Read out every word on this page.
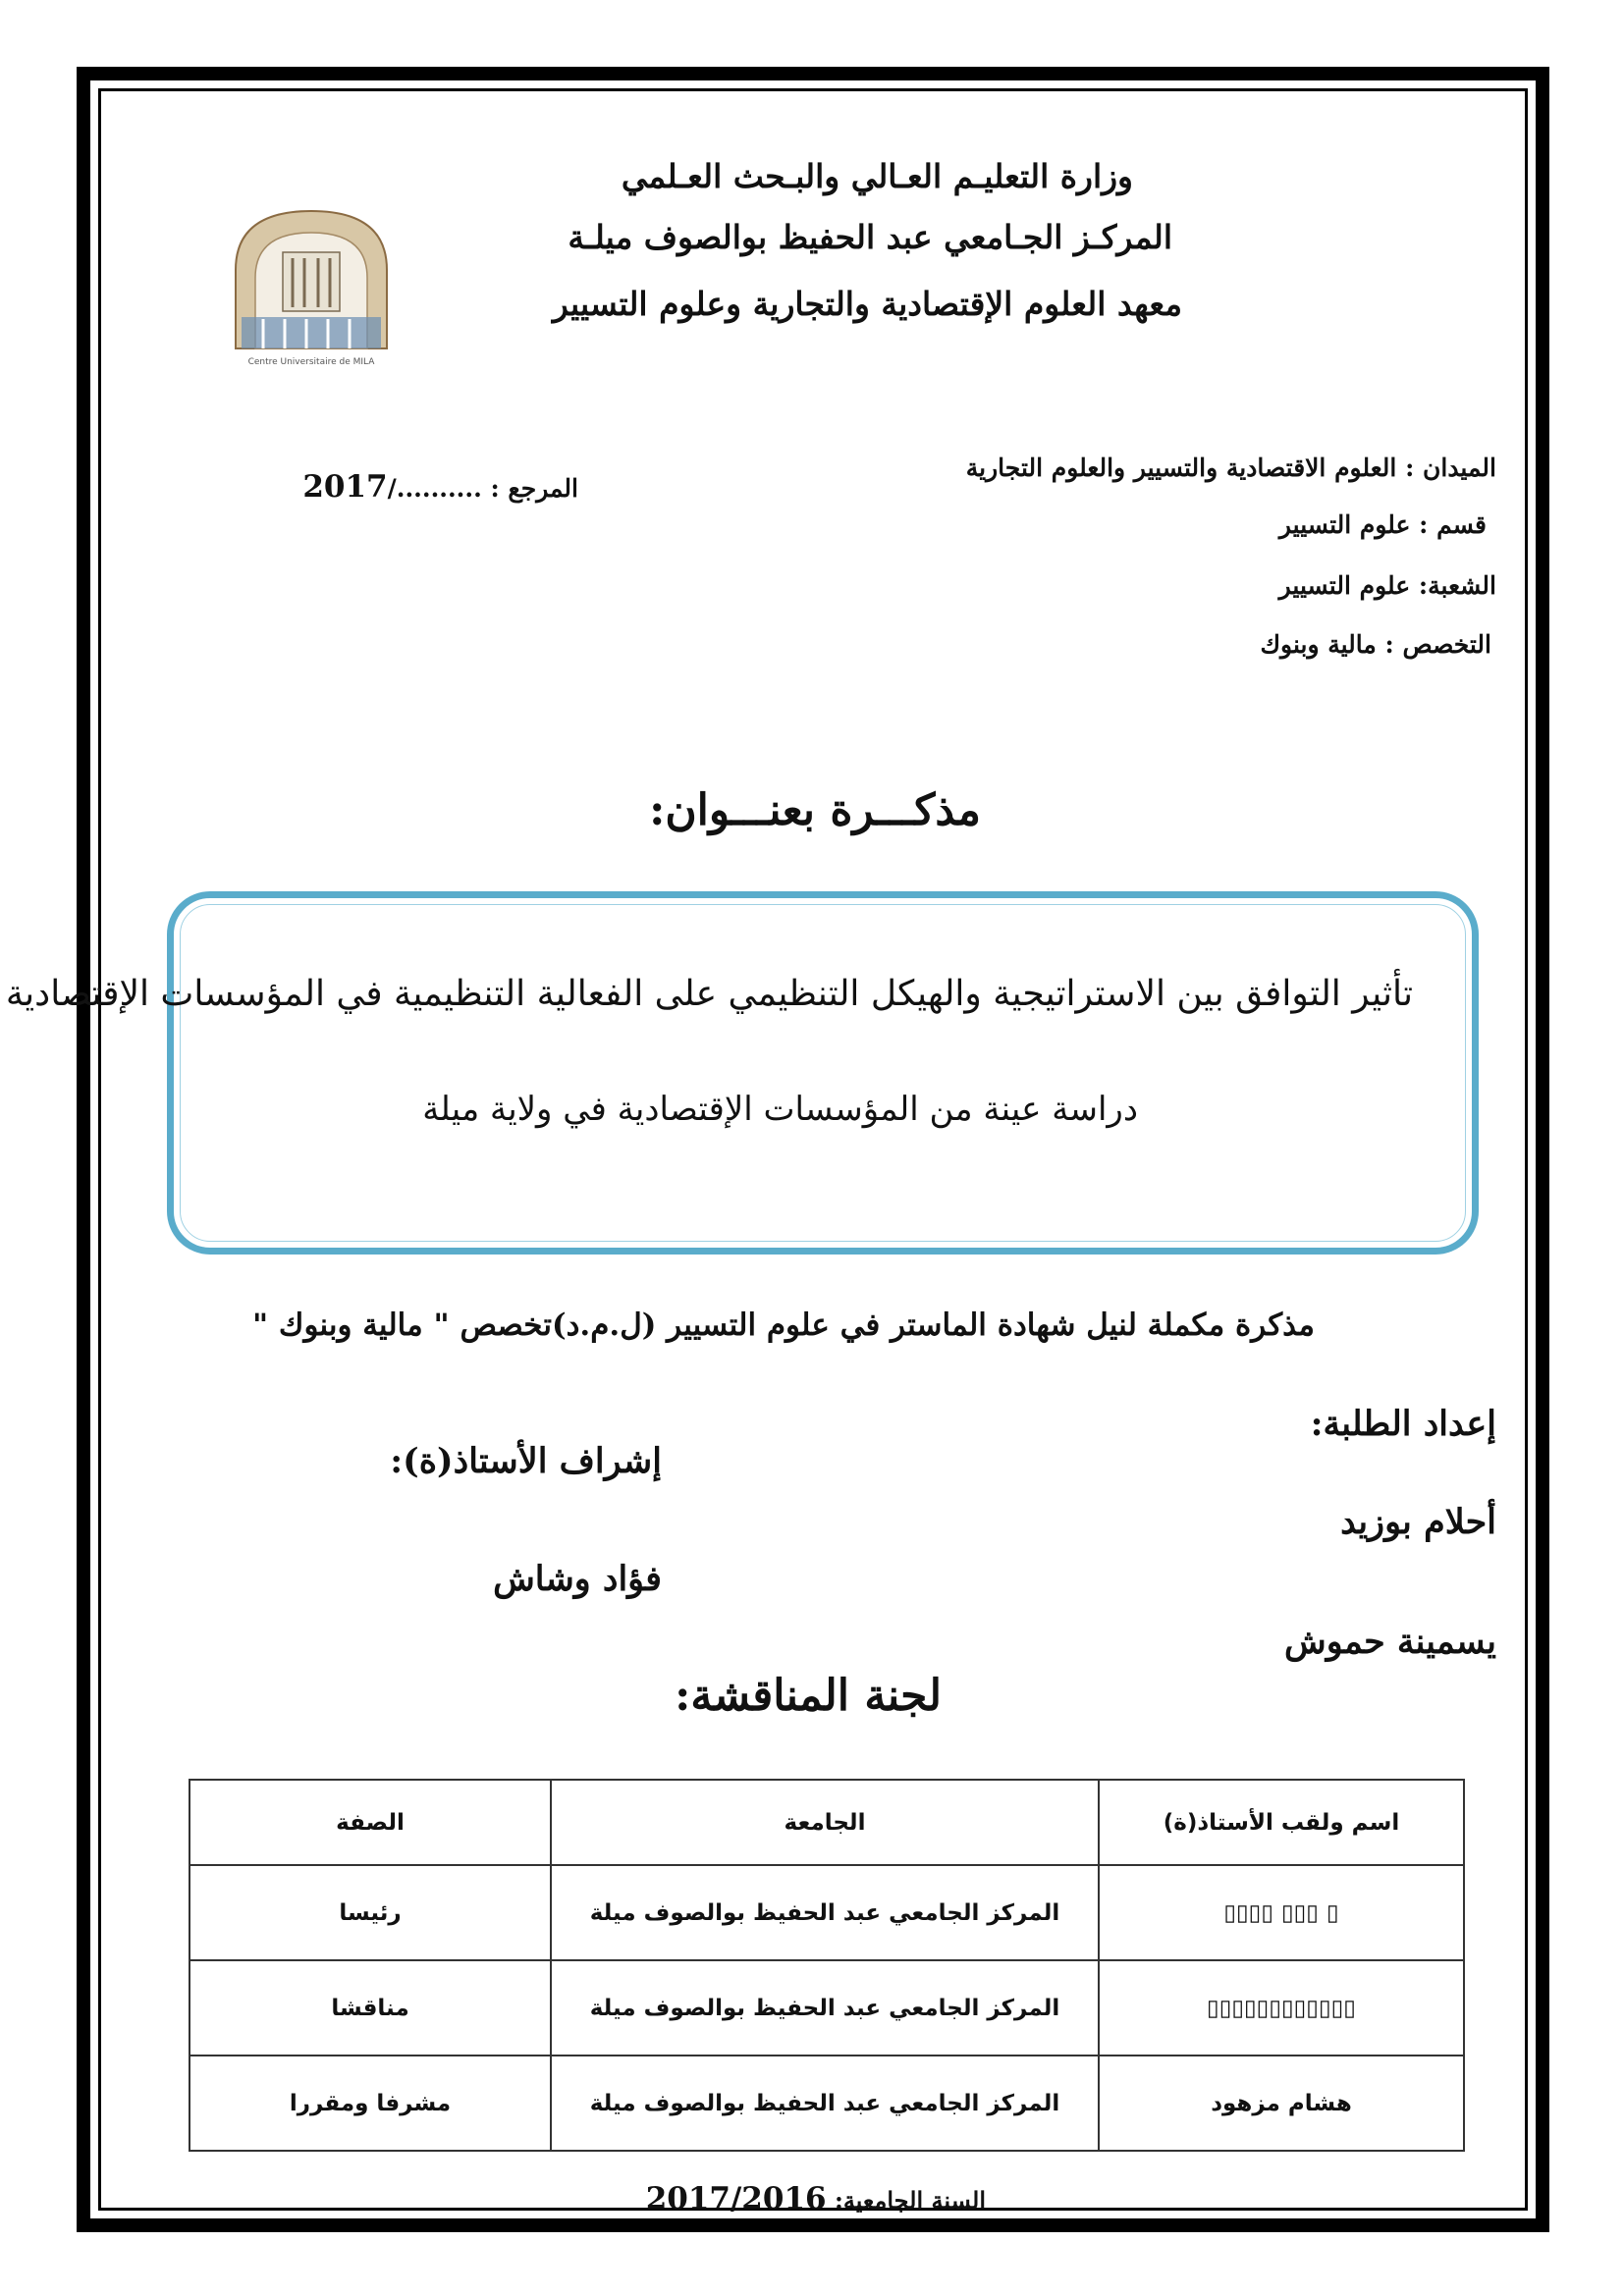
وزارة التعليـم العـالي والبـحث العـلمي
المركـز الجـامعي عبد الحفيظ بوالصوف ميلـة
معهد العلوم الإقتصادية والتجارية وعلوم التسيير
Centre Universitaire de MILA
الميدان : العلوم الاقتصادية والتسيير والعلوم التجارية
قسم : علوم التسيير
الشعبة: علوم التسيير
التخصص : مالية وبنوك
المرجع : ........../2017
مذكـــرة بعنـــوان:
تأثير التوافق بين الاستراتيجية والهيكل التنظيمي على الفعالية التنظيمية في المؤسسات الإقتصادية
دراسة عينة من المؤسسات الإقتصادية في ولاية ميلة
مذكرة مكملة لنيل شهادة الماستر في علوم التسيير (ل.م.د)تخصص " مالية وبنوك "
إعداد الطلبة:
أحلام بوزيد
يسمينة حموش
إشراف الأستاذ(ة):
فؤاد وشاش
لجنة المناقشة:
اسم ولقب الأستاذ(ة)	الجامعة	الصفة
▯ ▯▯▯ ▯▯▯▯	المركز الجامعي عبد الحفيظ بوالصوف ميلة	رئيسا
▯▯▯▯▯▯▯▯▯▯▯▯	المركز الجامعي عبد الحفيظ بوالصوف ميلة	مناقشا
هشام مزهود	المركز الجامعي عبد الحفيظ بوالصوف ميلة	مشرفا ومقررا
السنة الجامعية: 2017/2016
